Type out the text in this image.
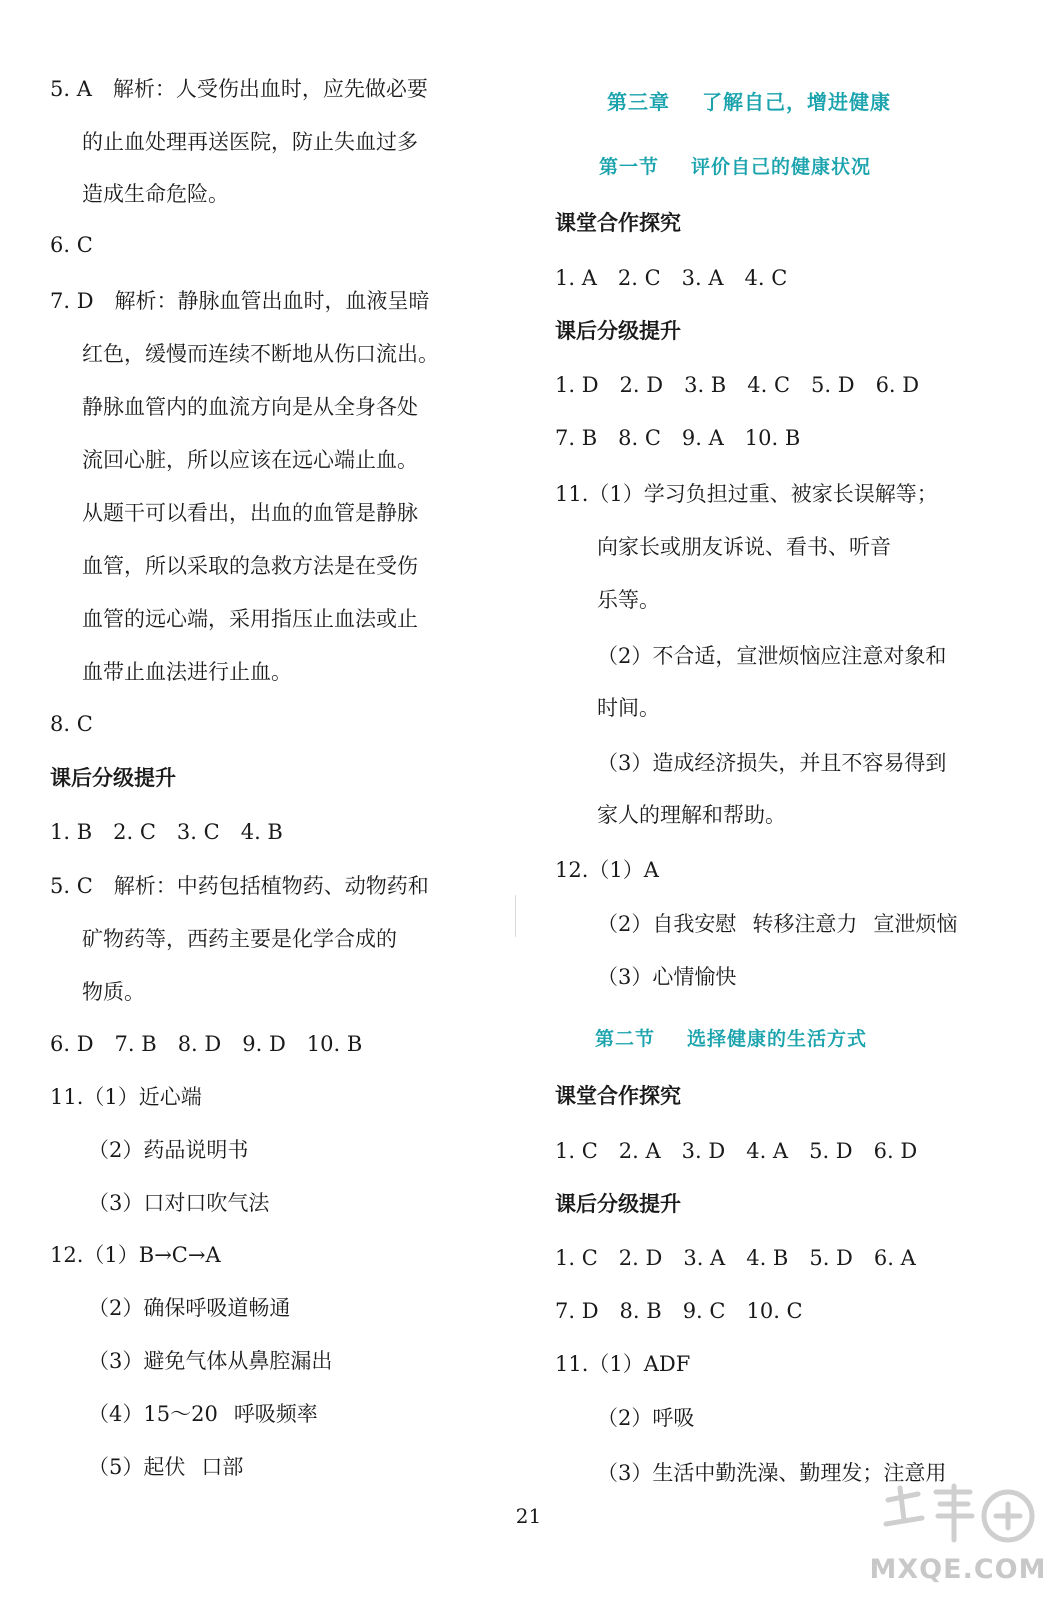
5. A　解析：人受伤出血时，应先做必要
的止血处理再送医院，防止失血过多
造成生命危险。
6. C
7. D　解析：静脉血管出血时，血液呈暗
红色，缓慢而连续不断地从伤口流出。
静脉血管内的血流方向是从全身各处
流回心脏，所以应该在远心端止血。
从题干可以看出，出血的血管是静脉
血管，所以采取的急救方法是在受伤
血管的远心端，采用指压止血法或止
血带止血法进行止血。
8. C
课后分级提升
1. B　2. C　3. C　4. B
5. C　解析：中药包括植物药、动物药和
矿物药等，西药主要是化学合成的
物质。
6. D　7. B　8. D　9. D　10. B
11.（1）近心端
（2）药品说明书
（3）口对口吹气法
12.（1）B→C→A
（2）确保呼吸道畅通
（3）避免气体从鼻腔漏出
（4）15～20 呼吸频率
（5）起伏 口部
第三章 了解自己，增进健康
第一节 评价自己的健康状况
课堂合作探究
1. A　2. C　3. A　4. C
课后分级提升
1. D　2. D　3. B　4. C　5. D　6. D
7. B　8. C　9. A　10. B
11.（1）学习负担过重、被家长误解等；
向家长或朋友诉说、看书、听音
乐等。
（2）不合适，宣泄烦恼应注意对象和
时间。
（3）造成经济损失，并且不容易得到
家人的理解和帮助。
12.（1）A
（2）自我安慰 转移注意力 宣泄烦恼
（3）心情愉快
第二节 选择健康的生活方式
课堂合作探究
1. C　2. A　3. D　4. A　5. D　6. D
课后分级提升
1. C　2. D　3. A　4. B　5. D　6. A
7. D　8. B　9. C　10. C
11.（1）ADF
（2）呼吸
（3）生活中勤洗澡、勤理发；注意用
21
MXQE.COM
